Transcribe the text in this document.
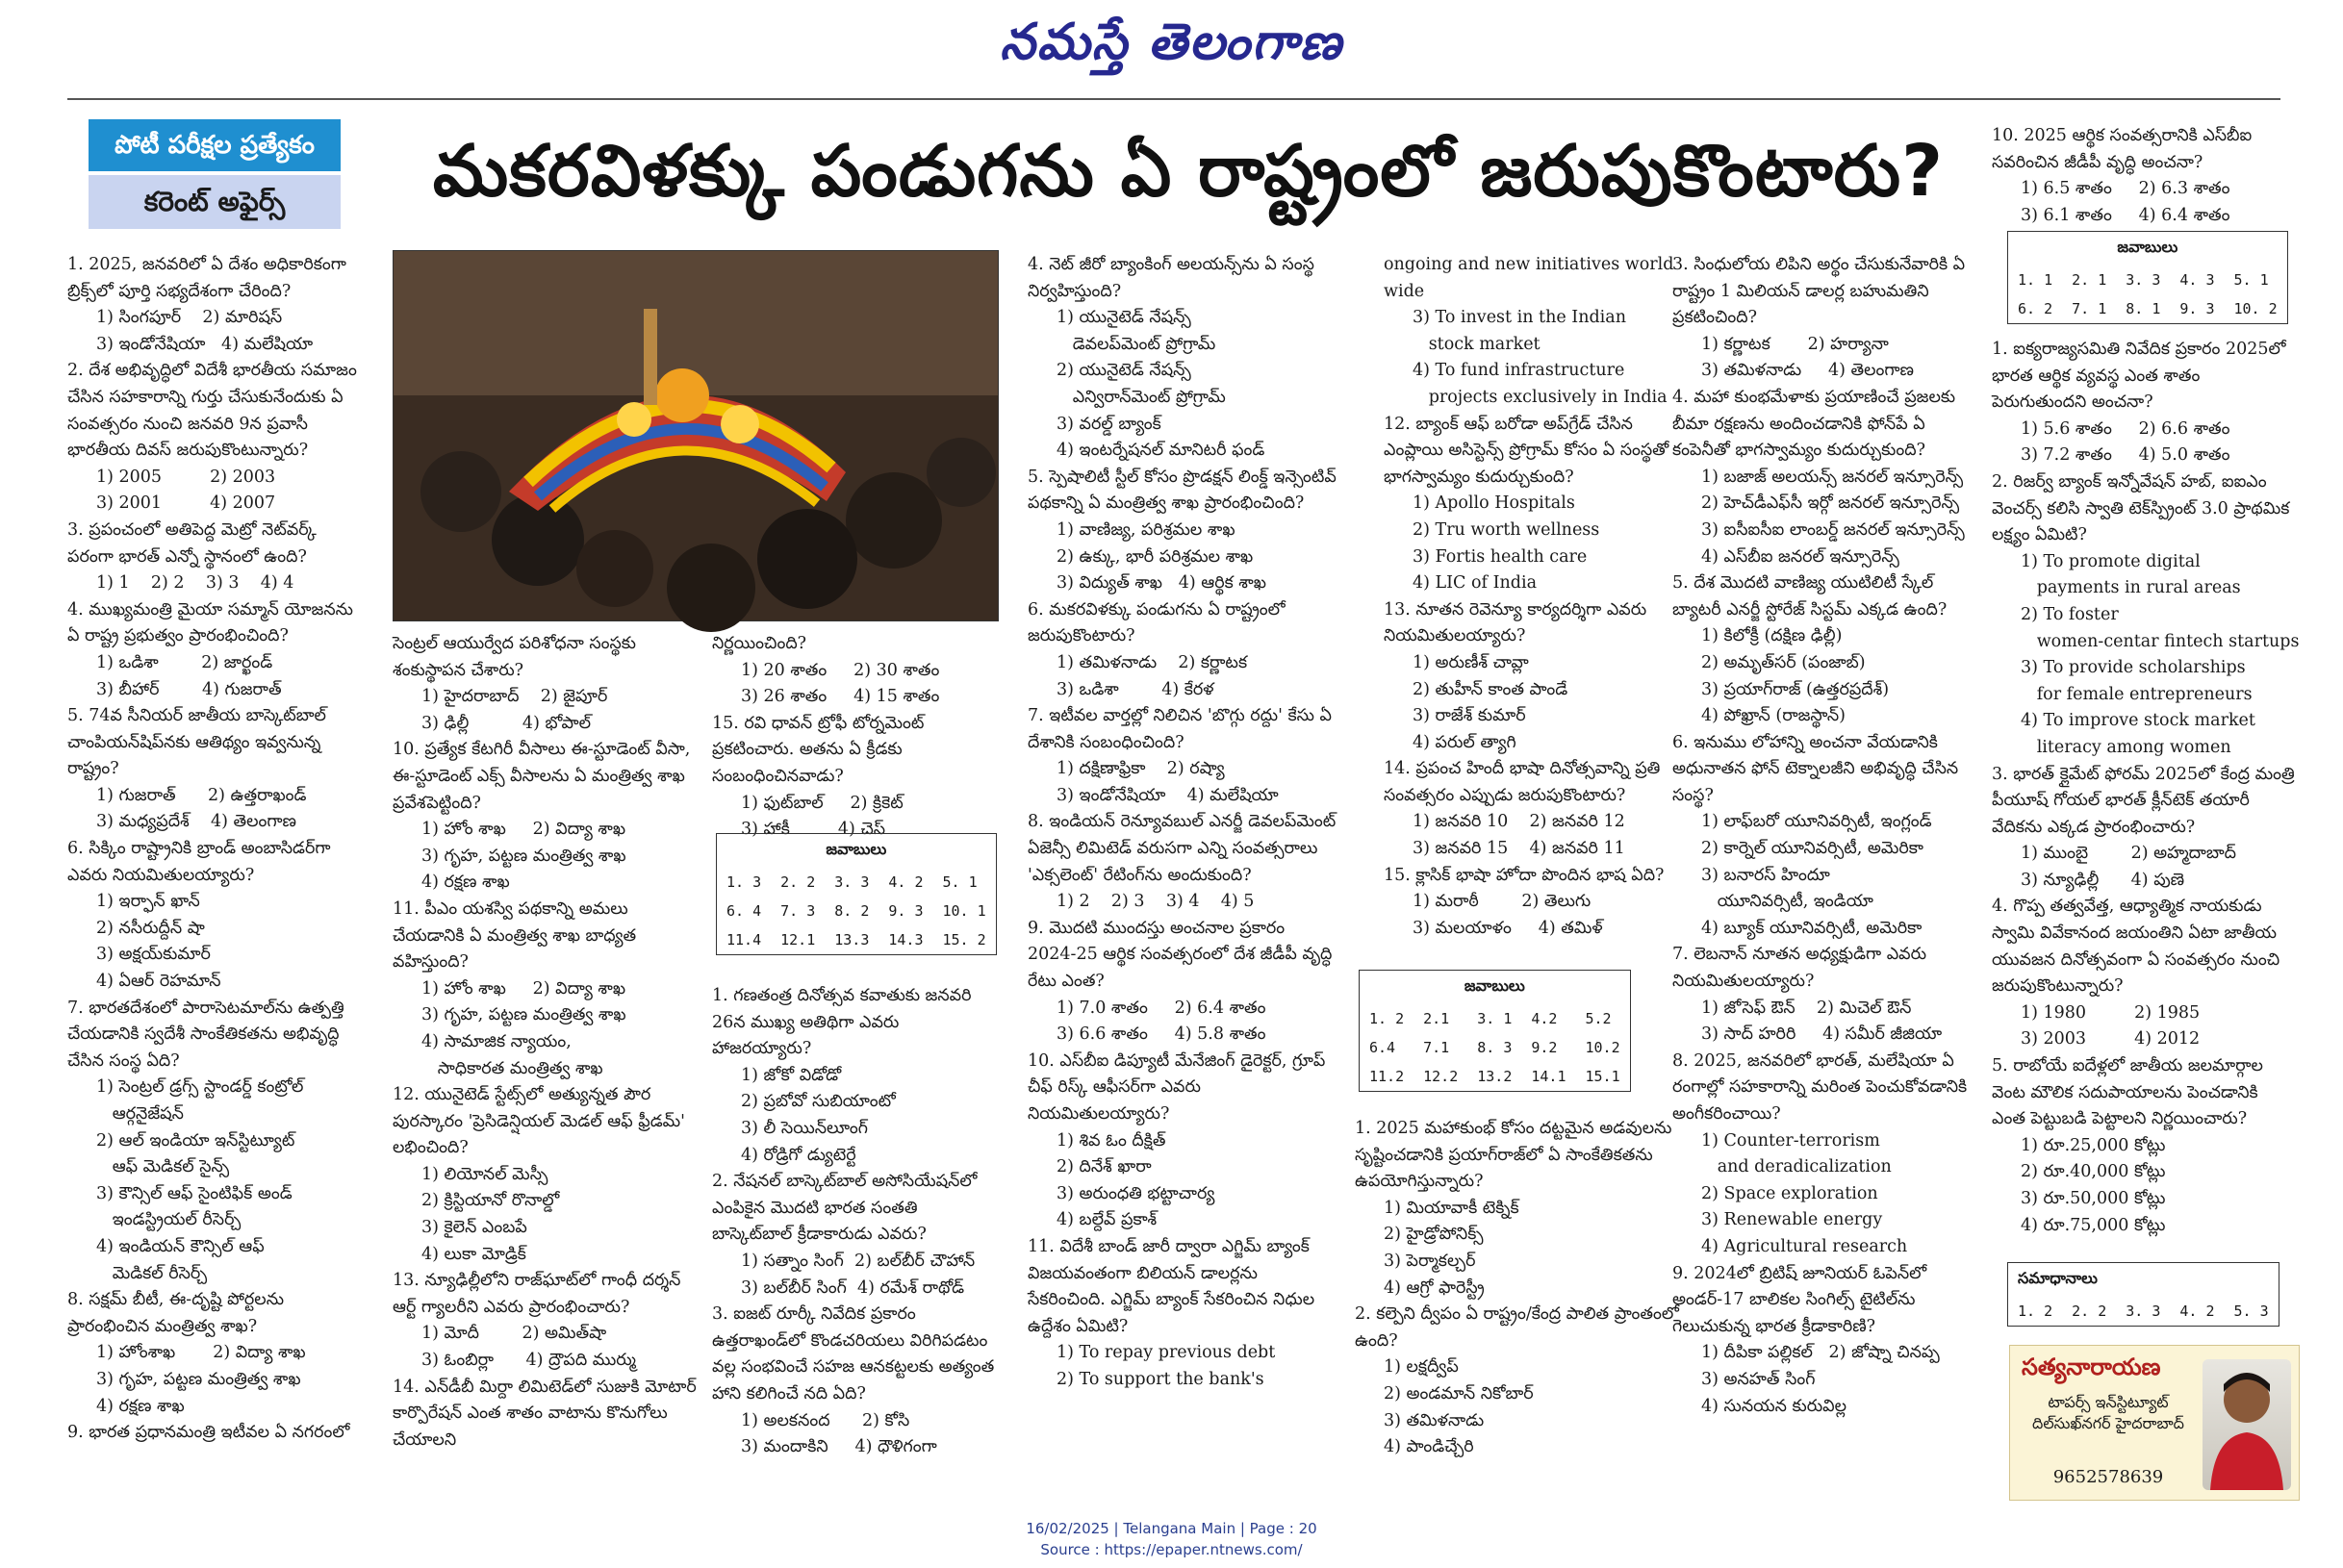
నమస్తే తెలంగాణ
పోటీ పరీక్షల ప్రత్యేకం
కరెంట్ అఫైర్స్	మకరవిళక్కు పండుగను ఏ రాష్ట్రంలో జరుపుకొంటారు?

1. 2025, జనవరిలో ఏ దేశం అధికారికంగా బ్రిక్స్‌లో పూర్తి సభ్యదేశంగా చేరింది?

1) సింగపూర్    2) మారిషస్

3) ఇండోనేషియా   4) మలేషియా

2. దేశ అభివృద్ధిలో విదేశీ భారతీయ సమాజం చేసిన సహకారాన్ని గుర్తు చేసుకునేందుకు ఏ సంవత్సరం నుంచి జనవరి 9న ప్రవాసీ భారతీయ దివస్ జరుపుకొంటున్నారు?

1) 2005         2) 2003

3) 2001         4) 2007

3. ప్రపంచంలో అతిపెద్ద మెట్రో నెట్‌వర్క్ పరంగా భారత్ ఎన్నో స్థానంలో ఉంది?

1) 1    2) 2    3) 3    4) 4

4. ముఖ్యమంత్రి మైయా సమ్మాన్ యోజనను ఏ రాష్ట్ర ప్రభుత్వం ప్రారంభించింది?

1) ఒడిశా        2) జార్ఖండ్

3) బీహార్        4) గుజరాత్

5. 74వ సీనియర్ జాతీయ బాస్కెట్‌బాల్ చాంపియన్‌షిప్‌నకు ఆతిథ్యం ఇవ్వనున్న రాష్ట్రం?

1) గుజరాత్      2) ఉత్తరాఖండ్

3) మధ్యప్రదేశ్    4) తెలంగాణ

6. సిక్కిం రాష్ట్రానికి బ్రాండ్ అంబాసిడర్‌గా ఎవరు నియమితులయ్యారు?

1) ఇర్ఫాన్ ఖాన్

2) నసీరుద్దీన్ షా

3) అక్షయ్‌కుమార్

4) ఏఆర్ రెహమాన్

7. భారతదేశంలో పారాసెటమాల్‌ను ఉత్పత్తి చేయడానికి స్వదేశీ సాంకేతికతను అభివృద్ధి చేసిన సంస్థ ఏది?

1) సెంట్రల్ డ్రగ్స్ స్టాండర్డ్ కంట్రోల్

ఆర్గనైజేషన్

2) ఆల్ ఇండియా ఇన్‌స్టిట్యూట్

ఆఫ్ మెడికల్ సైన్స్

3) కౌన్సిల్ ఆఫ్ సైంటిఫిక్ అండ్

ఇండస్ట్రియల్ రీసెర్చ్

4) ఇండియన్ కౌన్సిల్ ఆఫ్

మెడికల్ రీసెర్చ్

8. సక్షమ్ బీటీ, ఈ-దృష్టి పోర్టలను ప్రారంభించిన మంత్రిత్వ శాఖ?

1) హోంశాఖ       2) విద్యా శాఖ

3) గృహ, పట్టణ మంత్రిత్వ శాఖ

4) రక్షణ శాఖ

9. భారత ప్రధానమంత్రి ఇటీవల ఏ నగరంలో

సెంట్రల్ ఆయుర్వేద పరిశోధనా సంస్థకు శంకుస్థాపన చేశారు?

1) హైదరాబాద్    2) జైపూర్

3) ఢిల్లీ          4) భోపాల్

10. ప్రత్యేక కేటగిరీ వీసాలు ఈ-స్టూడెంట్ వీసా, ఈ-స్టూడెంట్ ఎక్స్ వీసాలను ఏ మంత్రిత్వ శాఖ ప్రవేశపెట్టింది?

1) హోం శాఖ     2) విద్యా శాఖ

3) గృహ, పట్టణ మంత్రిత్వ శాఖ

4) రక్షణ శాఖ

11. పీఎం యశస్వి పథకాన్ని అమలు చేయడానికి ఏ మంత్రిత్వ శాఖ బాధ్యత వహిస్తుంది?

1) హోం శాఖ     2) విద్యా శాఖ

3) గృహ, పట్టణ మంత్రిత్వ శాఖ

4) సామాజిక న్యాయం,

సాధికారత మంత్రిత్వ శాఖ

12. యునైటెడ్ స్టేట్స్‌లో అత్యున్నత పౌర పురస్కారం 'ప్రెసిడెన్షియల్ మెడల్ ఆఫ్ ఫ్రీడమ్' లభించింది?

1) లియోనల్ మెస్సీ

2) క్రిస్టియానో రొనాల్డో

3) కైలెన్ ఎంబపే

4) లుకా మోడ్రిక్

13. న్యూఢిల్లీలోని రాజ్‌ఘాట్‌లో గాంధీ దర్శన్ ఆర్ట్ గ్యాలరీని ఎవరు ప్రారంభించారు?

1) మోదీ        2) అమిత్‌షా

3) ఓంబిర్లా      4) ద్రౌపది ముర్ము

14. ఎన్‌డీబీ మిర్దా లిమిటెడ్‌లో సుజుకి మోటార్ కార్పొరేషన్ ఎంత శాతం వాటాను కొనుగోలు చేయాలని

నిర్ణయించింది?

1) 20 శాతం     2) 30 శాతం

3) 26 శాతం     4) 15 శాతం

15. రవి ధావన్ ట్రోఫీ టోర్నమెంట్ ప్రకటించారు. అతను ఏ క్రీడకు సంబంధించినవాడు?

1) ఫుట్‌బాల్     2) క్రికెట్

3) హాకీ         4) చెస్

జవాబులు				
1. 3	2. 2	3. 3	4. 2	5. 1
6. 4	7. 3	8. 2	9. 3	10. 1
11.4	12.1	13.3	14.3	15. 2

1. గణతంత్ర దినోత్సవ కవాతుకు జనవరి 26న ముఖ్య అతిథిగా ఎవరు హాజరయ్యారు?

1) జోకో విడోడో

2) ప్రబోవో సుబియాంటో

3) లీ సెయిన్‌లూంగ్

4) రోడ్రిగో డ్యుటెర్టే

2. నేషనల్ బాస్కెట్‌బాల్ అసోసియేషన్‌లో ఎంపికైన మొదటి భారత సంతతి బాస్కెట్‌బాల్ క్రీడాకారుడు ఎవరు?

1) సత్నాం సింగ్  2) బల్‌బీర్ చౌహాన్

3) బల్‌బీర్ సింగ్  4) రమేశ్ రాథోడ్

3. ఐజట్ రూర్కీ నివేదిక ప్రకారం ఉత్తరాఖండ్‌లో కొండచరియలు విరిగిపడటం వల్ల సంభవించే సహజ ఆనకట్టలకు అత్యంత హాని కలిగించే నది ఏది?

1) అలకనంద      2) కోసి

3) మందాకిని     4) ధౌళిగంగా

4. నెట్ జీరో బ్యాంకింగ్ అలయన్స్‌ను ఏ సంస్థ నిర్వహిస్తుంది?

1) యునైటెడ్ నేషన్స్

డెవలప్‌మెంట్ ప్రోగ్రామ్

2) యునైటెడ్ నేషన్స్

ఎన్విరాన్‌మెంట్ ప్రోగ్రామ్

3) వరల్డ్ బ్యాంక్

4) ఇంటర్నేషనల్ మానిటరీ ఫండ్

5. స్పెషాలిటీ స్టీల్ కోసం ప్రొడక్షన్ లింక్డ్ ఇన్సెంటివ్ పథకాన్ని ఏ మంత్రిత్వ శాఖ ప్రారంభించింది?

1) వాణిజ్య, పరిశ్రమల శాఖ

2) ఉక్కు, భారీ పరిశ్రమల శాఖ

3) విద్యుత్ శాఖ   4) ఆర్థిక శాఖ

6. మకరవిళక్కు పండుగను ఏ రాష్ట్రంలో జరుపుకొంటారు?

1) తమిళనాడు    2) కర్ణాటక

3) ఒడిశా        4) కేరళ

7. ఇటీవల వార్తల్లో నిలిచిన 'బొగ్గు రద్దు' కేసు ఏ దేశానికి సంబంధించింది?

1) దక్షిణాఫ్రికా    2) రష్యా

3) ఇండోనేషియా    4) మలేషియా

8. ఇండియన్ రెన్యూవబుల్ ఎనర్జీ డెవలప్‌మెంట్ ఏజెన్సీ లిమిటెడ్ వరుసగా ఎన్ని సంవత్సరాలు 'ఎక్సలెంట్' రేటింగ్‌ను అందుకుంది?

1) 2    2) 3    3) 4    4) 5

9. మొదటి ముందస్తు అంచనాల ప్రకారం 2024-25 ఆర్థిక సంవత్సరంలో దేశ జీడీపీ వృద్ధి రేటు ఎంత?

1) 7.0 శాతం     2) 6.4 శాతం

3) 6.6 శాతం     4) 5.8 శాతం

10. ఎస్‌బీఐ డిప్యూటీ మేనేజింగ్ డైరెక్టర్, గ్రూప్ చీఫ్ రిస్క్ ఆఫీసర్‌గా ఎవరు నియమితులయ్యారు?

1) శివ ఓం దీక్షిత్

2) దినేశ్ ఖారా

3) అరుంధతి భట్టాచార్య

4) బల్దేవ్ ప్రకాశ్

11. విదేశీ బాండ్ జారీ ద్వారా ఎగ్జిమ్ బ్యాంక్ విజయవంతంగా బిలియన్ డాలర్లను సేకరించింది. ఎగ్జిమ్ బ్యాంక్ సేకరించిన నిధుల ఉద్దేశం ఏమిటి?

1) To repay previous debt

2) To support the bank's

ongoing and new initiatives world wide

3) To invest in the Indian

stock market

4) To fund infrastructure

projects exclusively in India

12. బ్యాంక్ ఆఫ్ బరోడా అప్‌గ్రేడ్ చేసిన ఎంప్లాయి అసిస్టెన్స్ ప్రోగ్రామ్ కోసం ఏ సంస్థతో భాగస్వామ్యం కుదుర్చుకుంది?

1) Apollo Hospitals

2) Tru worth wellness

3) Fortis health care

4) LIC of India

13. నూతన రెవెన్యూ కార్యదర్శిగా ఎవరు నియమితులయ్యారు?

1) అరుణీశ్ చావ్లా

2) తుహీన్ కాంత పాండే

3) రాజేశ్ కుమార్

4) పరుల్ త్యాగి

14. ప్రపంచ హిందీ భాషా దినోత్సవాన్ని ప్రతి సంవత్సరం ఎప్పుడు జరుపుకొంటారు?

1) జనవరి 10    2) జనవరి 12

3) జనవరి 15    4) జనవరి 11

15. క్లాసిక్ భాషా హోదా పొందిన భాష ఏది?

1) మరాఠీ        2) తెలుగు

3) మలయాళం     4) తమిళ్

జవాబులు				
1. 2	2.1	3. 1	4.2	5.2
6.4	7.1	8. 3	9.2	10.2
11.2	12.2	13.2	14.1	15.1

1. 2025 మహాకుంభ్ కోసం దట్టమైన అడవులను సృష్టించడానికి ప్రయాగ్‌రాజ్‌లో ఏ సాంకేతికతను ఉపయోగిస్తున్నారు?

1) మియావాకీ టెక్నిక్

2) హైడ్రోపోనిక్స్

3) పెర్మాకల్చర్

4) ఆగ్రో ఫారెస్ట్రీ

2. కల్పెని ద్వీపం ఏ రాష్ట్రం/కేంద్ర పాలిత ప్రాంతంలో ఉంది?

1) లక్షద్వీప్

2) అండమాన్ నికోబార్

3) తమిళనాడు

4) పాండిచ్చేరి

3. సింధులోయ లిపిని అర్థం చేసుకునేవారికి ఏ రాష్ట్రం 1 మిలియన్ డాలర్ల బహుమతిని ప్రకటించింది?

1) కర్ణాటక       2) హర్యానా

3) తమిళనాడు     4) తెలంగాణ

4. మహా కుంభమేళాకు ప్రయాణించే ప్రజలకు బీమా రక్షణను అందించడానికి ఫోన్‌పే ఏ కంపెనీతో భాగస్వామ్యం కుదుర్చుకుంది?

1) బజాజ్ అలయన్స్ జనరల్ ఇన్సూరెన్స్

2) హెచ్‌డీఎఫ్‌సీ ఇర్గో జనరల్ ఇన్సూరెన్స్

3) ఐసీఐసీఐ లాంబర్డ్ జనరల్ ఇన్సూరెన్స్

4) ఎస్‌బీఐ జనరల్ ఇన్సూరెన్స్

5. దేశ మొదటి వాణిజ్య యుటిలిటీ స్కేల్ బ్యాటరీ ఎనర్జీ స్టోరేజ్ సిస్టమ్ ఎక్కడ ఉంది?

1) కిలోక్రీ (దక్షిణ ఢిల్లీ)

2) అమృత్‌సర్ (పంజాబ్)

3) ప్రయాగ్‌రాజ్ (ఉత్తరప్రదేశ్)

4) పోఖ్రాన్ (రాజస్థాన్)

6. ఇనుము లోహాన్ని అంచనా వేయడానికి అధునాతన ఫోన్ టెక్నాలజీని అభివృద్ధి చేసిన సంస్థ?

1) లాఫ్‌బరో యూనివర్సిటీ, ఇంగ్లండ్

2) కార్నెల్ యూనివర్సిటీ, అమెరికా

3) బనారస్ హిందూ

యూనివర్సిటీ, ఇండియా

4) బ్యూక్ యూనివర్సిటీ, అమెరికా

7. లెబనాన్ నూతన అధ్యక్షుడిగా ఎవరు నియమితులయ్యారు?

1) జోసెఫ్ ఔన్    2) మిచెల్ ఔన్

3) సాద్ హరిరి     4) సమీర్ జీజియా

8. 2025, జనవరిలో భారత్, మలేషియా ఏ రంగాల్లో సహకారాన్ని మరింత పెంచుకోవడానికి అంగీకరించాయి?

1) Counter-terrorism

and deradicalization

2) Space exploration

3) Renewable energy

4) Agricultural research

9. 2024లో బ్రిటిష్ జూనియర్ ఓపెన్‌లో అండర్-17 బాలికల సింగిల్స్ టైటిల్‌ను గెలుచుకున్న భారత క్రీడాకారిణి?

1) దీపికా పల్లికల్   2) జోష్నా చినప్ప

3) అనహత్ సింగ్

4) సునయన కురువిల్ల

10. 2025 ఆర్థిక సంవత్సరానికి ఎస్‌బీఐ సవరించిన జీడీపీ వృద్ధి అంచనా?

1) 6.5 శాతం     2) 6.3 శాతం

3) 6.1 శాతం     4) 6.4 శాతం

జవాబులు				
1. 1	2. 1	3. 3	4. 3	5. 1
6. 2	7. 1	8. 1	9. 3	10. 2

1. ఐక్యరాజ్యసమితి నివేదిక ప్రకారం 2025లో భారత ఆర్థిక వ్యవస్థ ఎంత శాతం పెరుగుతుందని అంచనా?

1) 5.6 శాతం     2) 6.6 శాతం

3) 7.2 శాతం     4) 5.0 శాతం

2. రిజర్వ్ బ్యాంక్ ఇన్నోవేషన్ హబ్, ఐఐఎం వెంచర్స్ కలిసి స్వాతి టెక్‌స్ప్రింట్ 3.0 ప్రాథమిక లక్ష్యం ఏమిటి?

1) To promote digital

payments in rural areas

2) To foster

women-centar fintech startups

3) To provide scholarships

for female entrepreneurs

4) To improve stock market

literacy among women

3. భారత్ క్లైమేట్ ఫోరమ్ 2025లో కేంద్ర మంత్రి పీయూష్ గోయల్ భారత్ క్లీన్‌టెక్ తయారీ వేదికను ఎక్కడ ప్రారంభించారు?

1) ముంబై        2) అహ్మదాబాద్

3) న్యూఢిల్లీ      4) పుణె

4. గొప్ప తత్వవేత్త, ఆధ్యాత్మిక నాయకుడు స్వామి వివేకానంద జయంతిని ఏటా జాతీయ యువజన దినోత్సవంగా ఏ సంవత్సరం నుంచి జరుపుకొంటున్నారు?

1) 1980         2) 1985

3) 2003         4) 2012

5. రాబోయే ఐదేళ్లలో జాతీయ జలమార్గాల వెంట మౌలిక సదుపాయాలను పెంచడానికి ఎంత పెట్టుబడి పెట్టాలని నిర్ణయించారు?

1) రూ.25,000 కోట్లు

2) రూ.40,000 కోట్లు

3) రూ.50,000 కోట్లు

4) రూ.75,000 కోట్లు

సమాధానాలు
1. 2	2. 2	3. 3	4. 2	5. 3
సత్యనారాయణ
టాపర్స్ ఇన్‌స్టిట్యూట్ దిల్‌సుఖ్‌నగర్ హైదరాబాద్
9652578639
16/02/2025 | Telangana Main | Page : 20
Source : https://epaper.ntnews.com/
